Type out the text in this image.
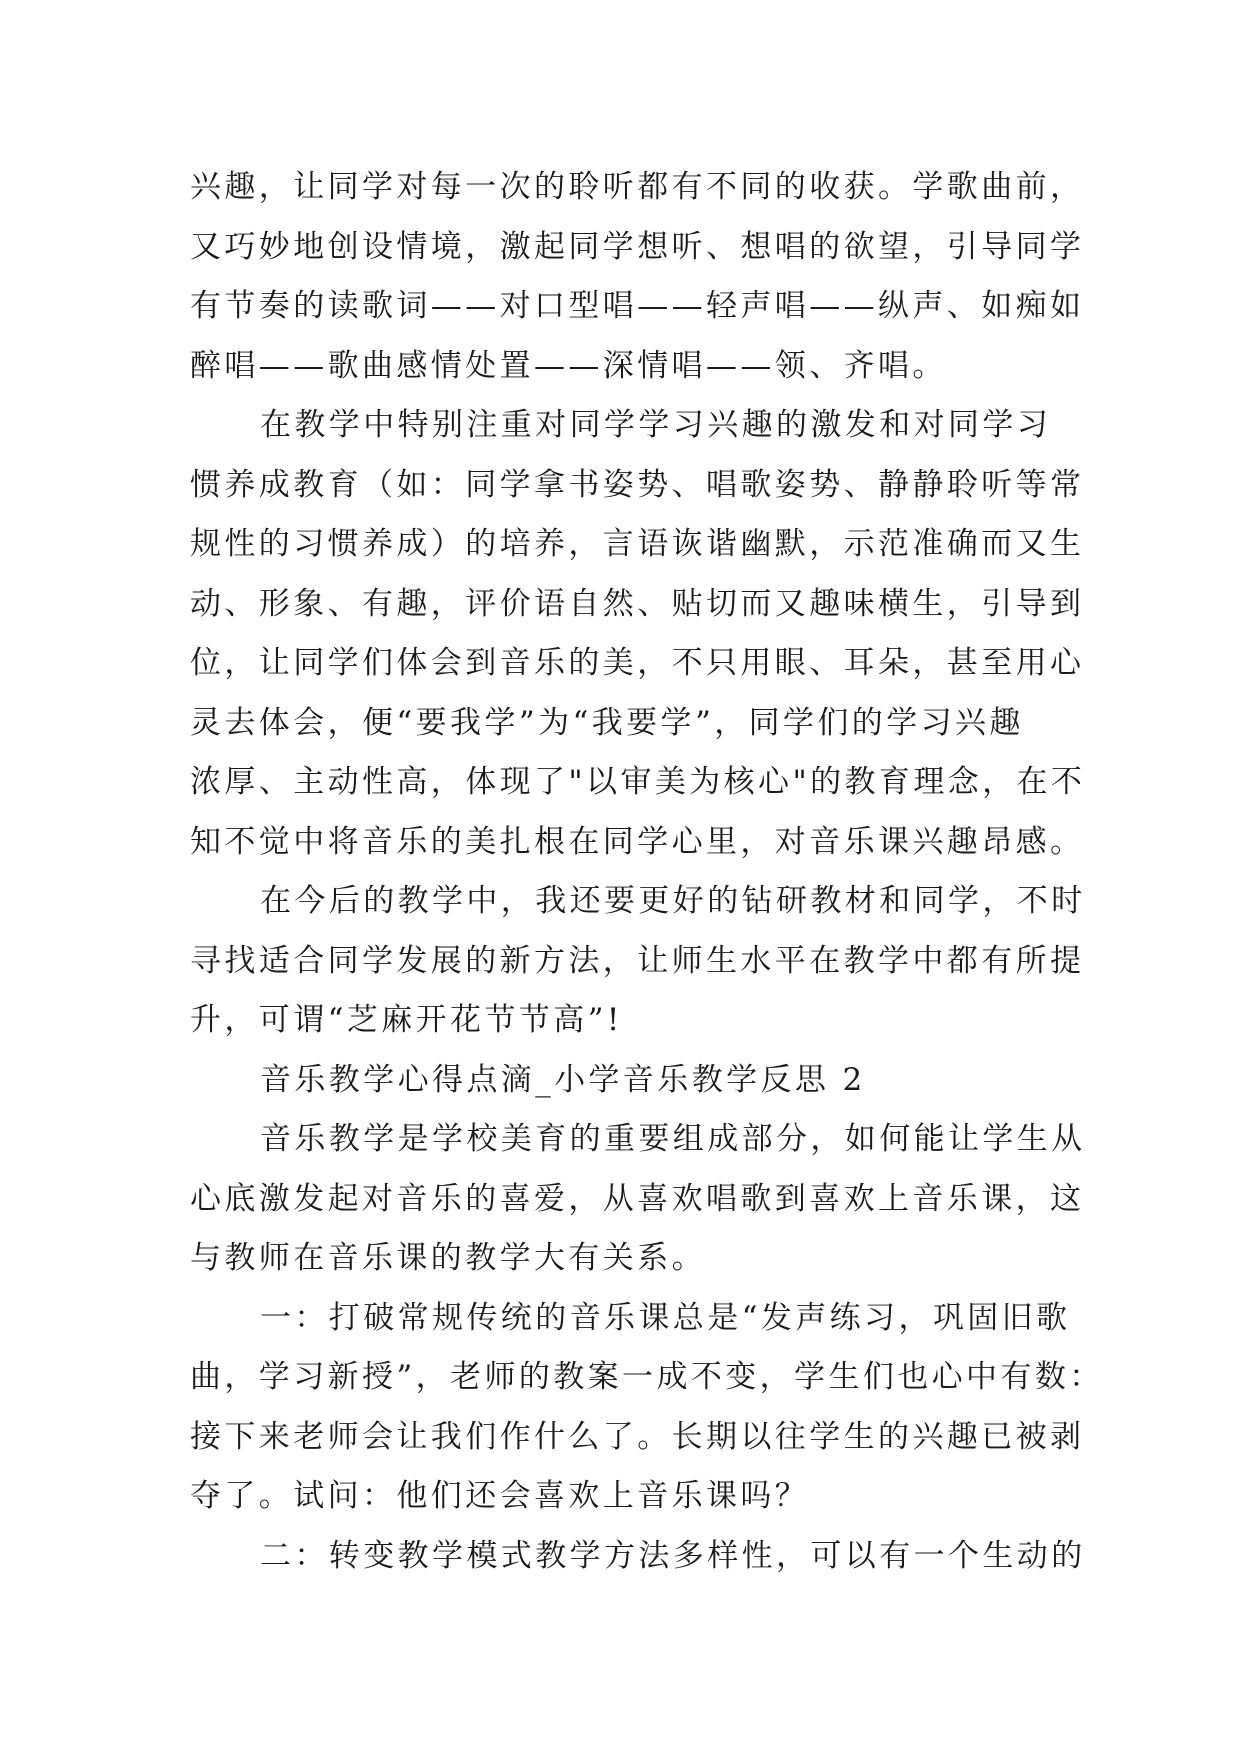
兴趣，让同学对每一次的聆听都有不同的收获。学歌曲前，
又巧妙地创设情境，激起同学想听、想唱的欲望，引导同学
有节奏的读歌词——对口型唱——轻声唱——纵声、如痴如
醉唱——歌曲感情处置——深情唱——领、齐唱。
在教学中特别注重对同学学习兴趣的激发和对同学习
惯养成教育（如：同学拿书姿势、唱歌姿势、静静聆听等常
规性的习惯养成）的培养，言语诙谐幽默，示范准确而又生
动、形象、有趣，评价语自然、贴切而又趣味横生，引导到
位，让同学们体会到音乐的美，不只用眼、耳朵，甚至用心
灵去体会，便“要我学”为“我要学”，同学们的学习兴趣
浓厚、主动性高，体现了"以审美为核心"的教育理念，在不
知不觉中将音乐的美扎根在同学心里，对音乐课兴趣昂感。
在今后的教学中，我还要更好的钻研教材和同学，不时
寻找适合同学发展的新方法，让师生水平在教学中都有所提
升，可谓“芝麻开花节节高”!
音乐教学心得点滴_小学音乐教学反思 2
音乐教学是学校美育的重要组成部分，如何能让学生从
心底激发起对音乐的喜爱，从喜欢唱歌到喜欢上音乐课，这
与教师在音乐课的教学大有关系。
一：打破常规传统的音乐课总是“发声练习，巩固旧歌
曲，学习新授”，老师的教案一成不变，学生们也心中有数：
接下来老师会让我们作什么了。长期以往学生的兴趣已被剥
夺了。试问：他们还会喜欢上音乐课吗？
二：转变教学模式教学方法多样性，可以有一个生动的
